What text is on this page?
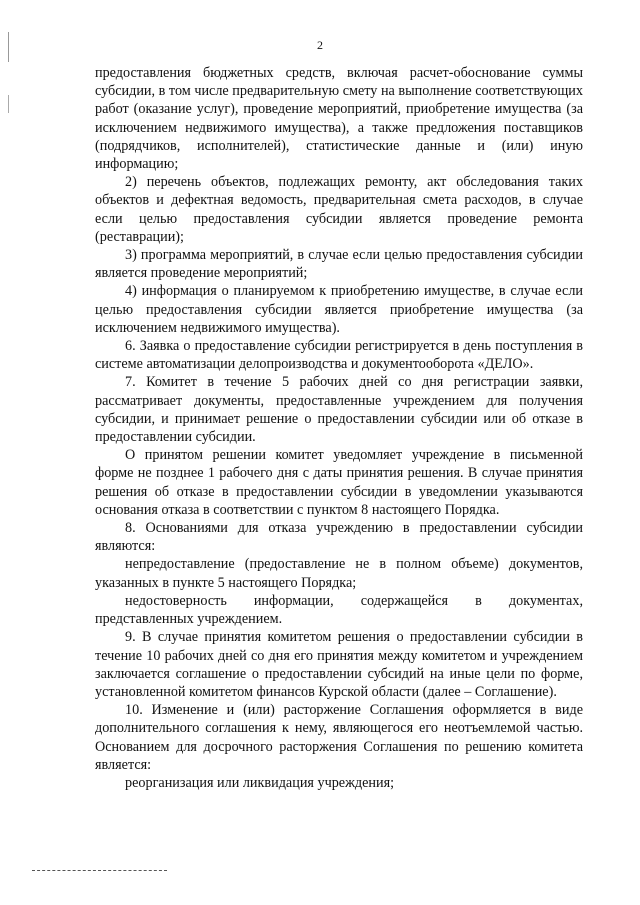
2

предоставления бюджетных средств, включая расчет-обоснование суммы субсидии, в том числе предварительную смету на выполнение соответствующих работ (оказание услуг), проведение мероприятий, приобретение имущества (за исключением недвижимого имущества), а также предложения поставщиков (подрядчиков, исполнителей), статистические данные и (или) иную информацию;

2) перечень объектов, подлежащих ремонту, акт обследования таких объектов и дефектная ведомость, предварительная смета расходов, в случае если целью предоставления субсидии является проведение ремонта (реставрации);

3) программа мероприятий, в случае если целью предоставления субсидии является проведение мероприятий;

4) информация о планируемом к приобретению имуществе, в случае если целью предоставления субсидии является приобретение имущества (за исключением недвижимого имущества).

6. Заявка о предоставление субсидии регистрируется в день поступления в системе автоматизации делопроизводства и документооборота «ДЕЛО».

7. Комитет в течение 5 рабочих дней со дня регистрации заявки, рассматривает документы, предоставленные учреждением для получения субсидии, и принимает решение о предоставлении субсидии или об отказе в предоставлении субсидии.

О принятом решении комитет уведомляет учреждение в письменной форме не позднее 1 рабочего дня с даты принятия решения. В случае принятия решения об отказе в предоставлении субсидии в уведомлении указываются основания отказа в соответствии с пунктом 8 настоящего Порядка.

8. Основаниями для отказа учреждению в предоставлении субсидии являются:

непредоставление (предоставление не в полном объеме) документов, указанных в пункте 5 настоящего Порядка;

недостоверность информации, содержащейся в документах, представленных учреждением.

9. В случае принятия комитетом решения о предоставлении субсидии в течение 10 рабочих дней со дня его принятия между комитетом и учреждением заключается соглашение о предоставлении субсидий на иные цели по форме, установленной комитетом финансов Курской области (далее – Соглашение).

10. Изменение и (или) расторжение Соглашения оформляется в виде дополнительного соглашения к нему, являющегося его неотъемлемой частью. Основанием для досрочного расторжения Соглашения по решению комитета является:

реорганизация или ликвидация учреждения;
